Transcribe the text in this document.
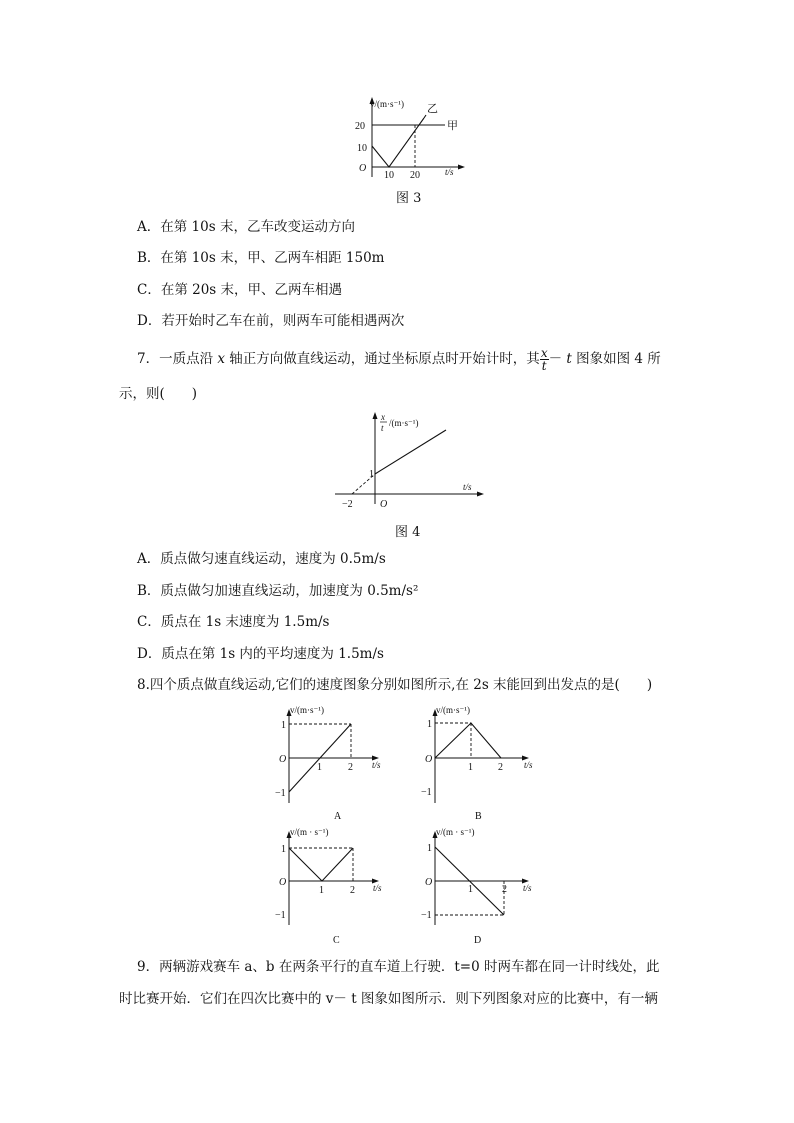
v/(m·s⁻¹)
t/s
O
20
10
10 20
甲
乙
图 3
A．在第 10s 末，乙车改变运动方向
B．在第 10s 末，甲、乙两车相距 150m
C．在第 20s 末，甲、乙两车相遇
D．若开始时乙车在前，则两车可能相遇两次
7．一质点沿 x 轴正方向做直线运动，通过坐标原点时开始计时，其 $\frac{x}{t} - t$ 图象如图 4 所
示，则(　　)
x
t /(m·s⁻¹)
t/s
O
1
−2
图 4
A．质点做匀速直线运动，速度为 0.5m/s
B．质点做匀加速直线运动，加速度为 0.5m/s²
C．质点在 1s 末速度为 1.5m/s
D．质点在第 1s 内的平均速度为 1.5m/s
8.四个质点做直线运动,它们的速度图象分别如图所示,在 2s 末能回到出发点的是(　　)
v/(m·s⁻¹)
t/s
O
1
−1
1	2
A
v/(m·s⁻¹)
t/s
O
1
−1
1	2
B
v/(m · s⁻¹)
t/s
O
1
−1
1	2
C
v/(m · s⁻¹)
t/s
O
1
−1
1	2
D
9．两辆游戏赛车 a、b 在两条平行的直车道上行驶．t=0 时两车都在同一计时线处，此
时比赛开始．它们在四次比赛中的 v－ t 图象如图所示．则下列图象对应的比赛中，有一辆
